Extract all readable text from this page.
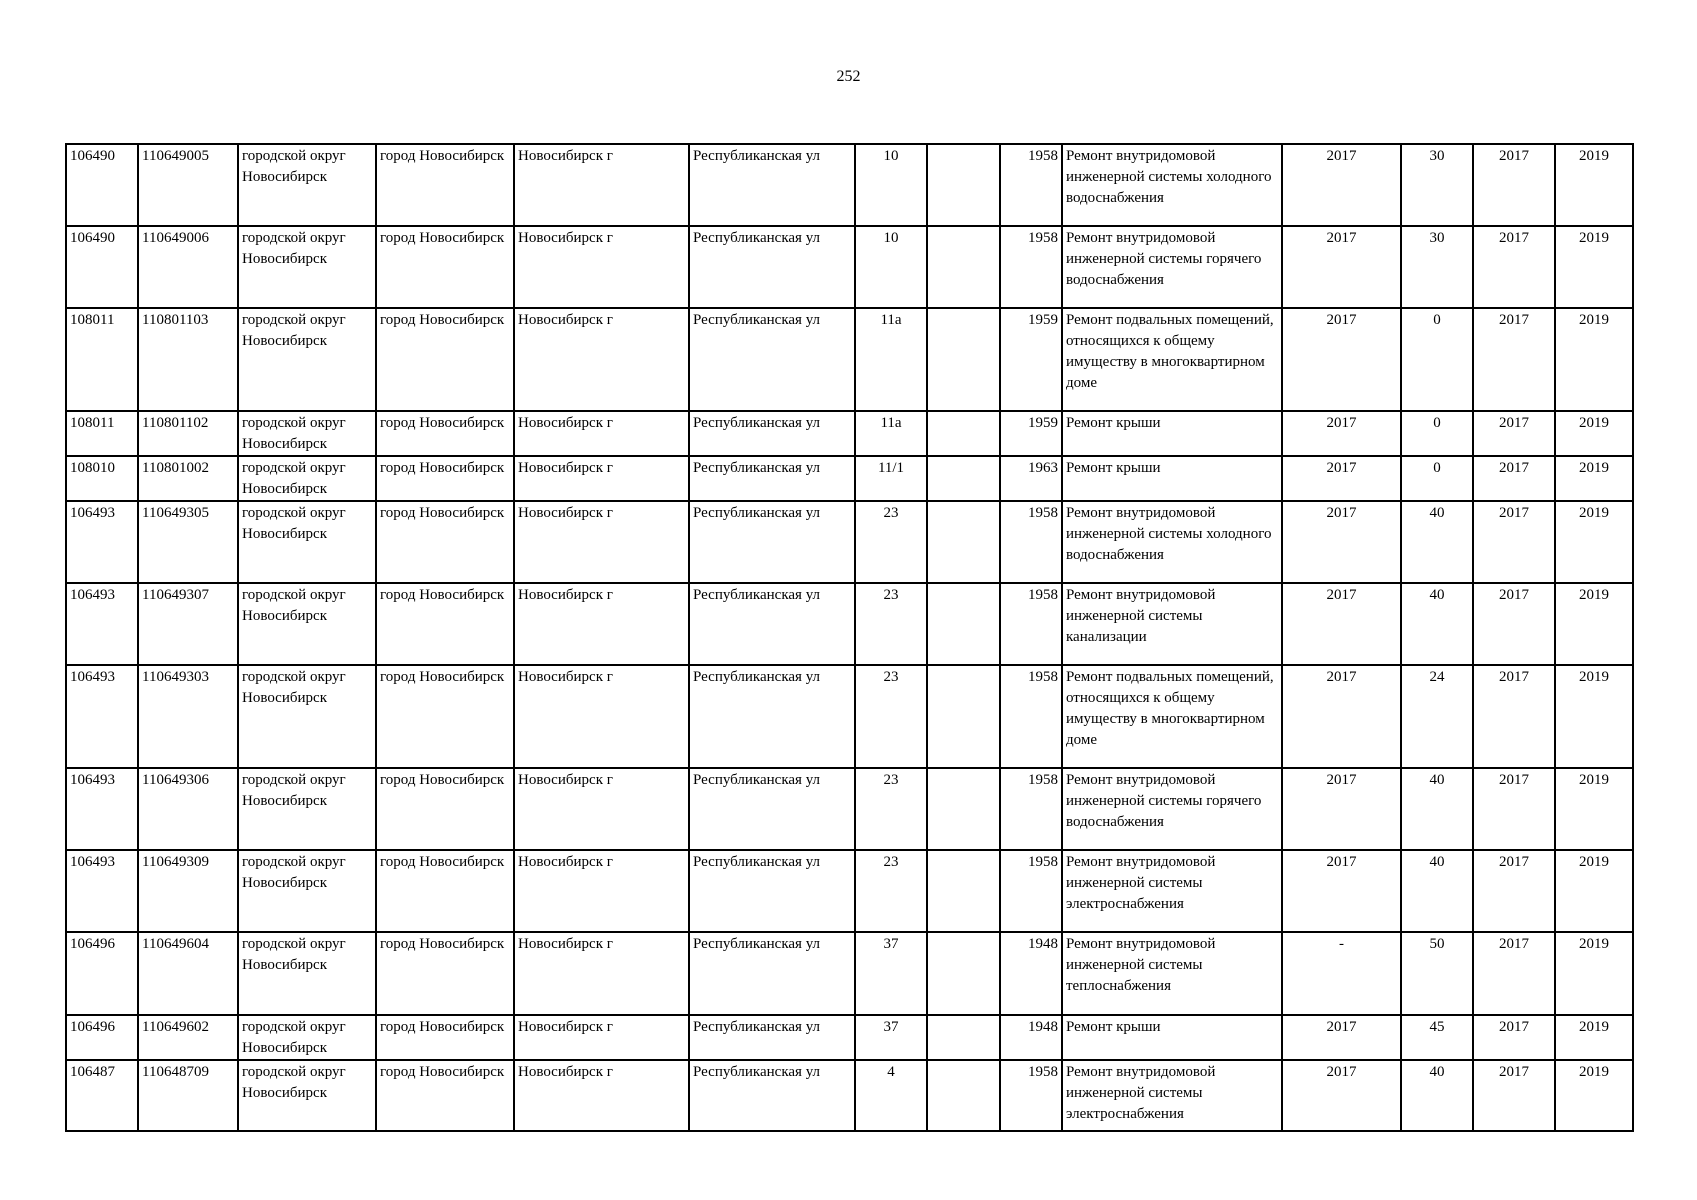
252
106490	110649005	городской округ Новосибирск	город Новосибирск	Новосибирск г	Республиканская ул	10		1958	Ремонт внутридомовой инженерной системы холодного водоснабжения	2017	30	2017	2019
106490	110649006	городской округ Новосибирск	город Новосибирск	Новосибирск г	Республиканская ул	10		1958	Ремонт внутридомовой инженерной системы горячего водоснабжения	2017	30	2017	2019
108011	110801103	городской округ Новосибирск	город Новосибирск	Новосибирск г	Республиканская ул	11а		1959	Ремонт подвальных помещений, относящихся к общему имуществу в многоквартирном доме	2017	0	2017	2019
108011	110801102	городской округ Новосибирск	город Новосибирск	Новосибирск г	Республиканская ул	11а		1959	Ремонт крыши	2017	0	2017	2019
108010	110801002	городской округ Новосибирск	город Новосибирск	Новосибирск г	Республиканская ул	11/1		1963	Ремонт крыши	2017	0	2017	2019
106493	110649305	городской округ Новосибирск	город Новосибирск	Новосибирск г	Республиканская ул	23		1958	Ремонт внутридомовой инженерной системы холодного водоснабжения	2017	40	2017	2019
106493	110649307	городской округ Новосибирск	город Новосибирск	Новосибирск г	Республиканская ул	23		1958	Ремонт внутридомовой инженерной системы канализации	2017	40	2017	2019
106493	110649303	городской округ Новосибирск	город Новосибирск	Новосибирск г	Республиканская ул	23		1958	Ремонт подвальных помещений, относящихся к общему имуществу в многоквартирном доме	2017	24	2017	2019
106493	110649306	городской округ Новосибирск	город Новосибирск	Новосибирск г	Республиканская ул	23		1958	Ремонт внутридомовой инженерной системы горячего водоснабжения	2017	40	2017	2019
106493	110649309	городской округ Новосибирск	город Новосибирск	Новосибирск г	Республиканская ул	23		1958	Ремонт внутридомовой инженерной системы электроснабжения	2017	40	2017	2019
106496	110649604	городской округ Новосибирск	город Новосибирск	Новосибирск г	Республиканская ул	37		1948	Ремонт внутридомовой инженерной системы теплоснабжения	-	50	2017	2019
106496	110649602	городской округ Новосибирск	город Новосибирск	Новосибирск г	Республиканская ул	37		1948	Ремонт крыши	2017	45	2017	2019
106487	110648709	городской округ Новосибирск	город Новосибирск	Новосибирск г	Республиканская ул	4		1958	Ремонт внутридомовой инженерной системы электроснабжения	2017	40	2017	2019
